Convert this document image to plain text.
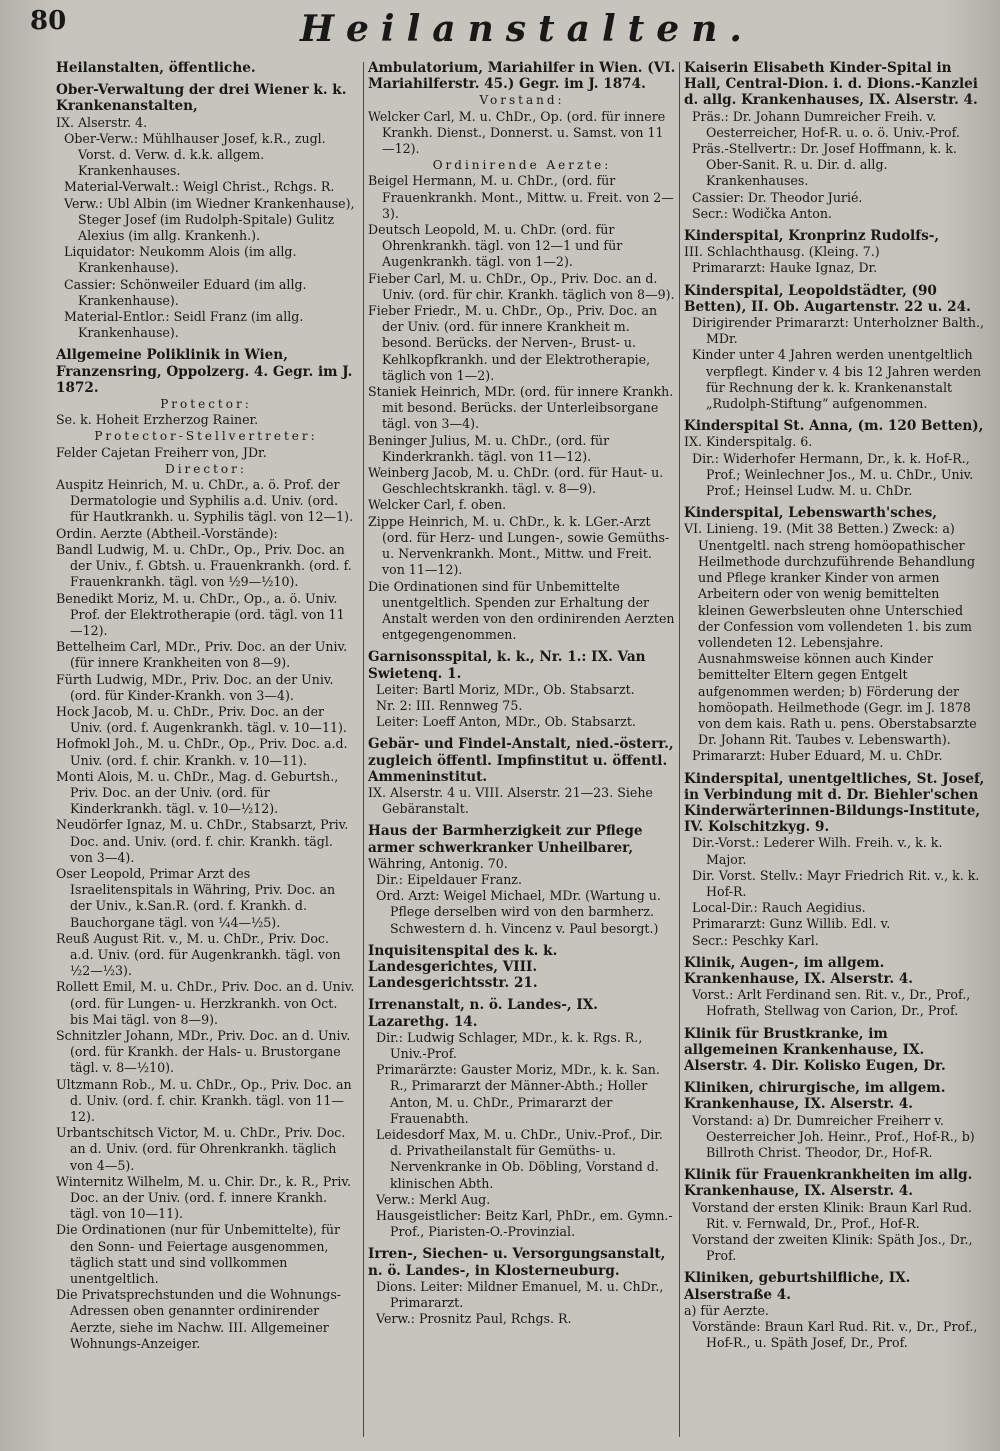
80	Heilanstalten.
Heilanstalten, öffentliche.
Ober-Verwaltung der drei Wiener k. k. Krankenanstalten,
IX. Alserstr. 4.
Ober-Verw.: Mühlhauser Josef, k.R., zugl. Vorst. d. Verw. d. k.k. allgem. Krankenhauses.
Material-Verwalt.: Weigl Christ., Rchgs. R.
Verw.: Ubl Albin (im Wiedner Krankenhause), Steger Josef (im Rudolph-Spitale) Gulitz Alexius (im allg. Krankenh.).
Liquidator: Neukomm Alois (im allg. Krankenhause).
Cassier: Schönweiler Eduard (im allg. Krankenhause).
Material-Entlor.: Seidl Franz (im allg. Krankenhause).
Allgemeine Poliklinik in Wien, Franzensring, Oppolzerg. 4. Gegr. im J. 1872.
Protector:
Se. k. Hoheit Erzherzog Rainer.
Protector-Stellvertreter:
Felder Cajetan Freiherr von, JDr.
Director:
Auspitz Heinrich, M. u. ChDr., a. ö. Prof. der Dermatologie und Syphilis a.d. Univ. (ord. für Hautkrankh. u. Syphilis tägl. von 12—1).
Ordin. Aerzte (Abtheil.-Vorstände):
Bandl Ludwig, M. u. ChDr., Op., Priv. Doc. an der Univ., f. Gbtsh. u. Frauenkrankh. (ord. f. Frauenkrankh. tägl. von ½9—½10).
Benedikt Moriz, M. u. ChDr., Op., a. ö. Univ. Prof. der Elektrotherapie (ord. tägl. von 11—12).
Bettelheim Carl, MDr., Priv. Doc. an der Univ. (für innere Krankheiten von 8—9).
Fürth Ludwig, MDr., Priv. Doc. an der Univ. (ord. für Kinder-Krankh. von 3—4).
Hock Jacob, M. u. ChDr., Priv. Doc. an der Univ. (ord. f. Augenkrankh. tägl. v. 10—11).
Hofmokl Joh., M. u. ChDr., Op., Priv. Doc. a.d. Univ. (ord. f. chir. Krankh. v. 10—11).
Monti Alois, M. u. ChDr., Mag. d. Geburtsh., Priv. Doc. an der Univ. (ord. für Kinderkrankh. tägl. v. 10—½12).
Neudörfer Ignaz, M. u. ChDr., Stabsarzt, Priv. Doc. and. Univ. (ord. f. chir. Krankh. tägl. von 3—4).
Oser Leopold, Primar Arzt des Israelitenspitals in Währing, Priv. Doc. an der Univ., k.San.R. (ord. f. Krankh. d. Bauchorgane tägl. von ¼4—½5).
Reuß August Rit. v., M. u. ChDr., Priv. Doc. a.d. Univ. (ord. für Augenkrankh. tägl. von ½2—½3).
Rollett Emil, M. u. ChDr., Priv. Doc. an d. Univ. (ord. für Lungen- u. Herzkrankh. von Oct. bis Mai tägl. von 8—9).
Schnitzler Johann, MDr., Priv. Doc. an d. Univ. (ord. für Krankh. der Hals- u. Brustorgane tägl. v. 8—½10).
Ultzmann Rob., M. u. ChDr., Op., Priv. Doc. an d. Univ. (ord. f. chir. Krankh. tägl. von 11—12).
Urbantschitsch Victor, M. u. ChDr., Priv. Doc. an d. Univ. (ord. für Ohrenkrankh. täglich von 4—5).
Winternitz Wilhelm, M. u. Chir. Dr., k. R., Priv. Doc. an der Univ. (ord. f. innere Krankh. tägl. von 10—11).
Die Ordinationen (nur für Unbemittelte), für den Sonn- und Feiertage ausgenommen, täglich statt und sind vollkommen unentgeltlich.
Die Privatsprechstunden und die Wohnungs-Adressen oben genannter ordinirender Aerzte, siehe im Nachw. III. Allgemeiner Wohnungs-Anzeiger.
Ambulatorium, Mariahilfer in Wien. (VI. Mariahilferstr. 45.) Gegr. im J. 1874.
Vorstand:
Welcker Carl, M. u. ChDr., Op. (ord. für innere Krankh. Dienst., Donnerst. u. Samst. von 11—12).
Ordinirende Aerzte:
Beigel Hermann, M. u. ChDr., (ord. für Frauenkrankh. Mont., Mittw. u. Freit. von 2—3).
Deutsch Leopold, M. u. ChDr. (ord. für Ohrenkrankh. tägl. von 12—1 und für Augenkrankh. tägl. von 1—2).
Fieber Carl, M. u. ChDr., Op., Priv. Doc. an d. Univ. (ord. für chir. Krankh. täglich von 8—9).
Fieber Friedr., M. u. ChDr., Op., Priv. Doc. an der Univ. (ord. für innere Krankheit m. besond. Berücks. der Nerven-, Brust- u. Kehlkopfkrankh. und der Elektrotherapie, täglich von 1—2).
Staniek Heinrich, MDr. (ord. für innere Krankh. mit besond. Berücks. der Unterleibsorgane tägl. von 3—4).
Beninger Julius, M. u. ChDr., (ord. für Kinderkrankh. tägl. von 11—12).
Weinberg Jacob, M. u. ChDr. (ord. für Haut- u. Geschlechtskrankh. tägl. v. 8—9).
Welcker Carl, f. oben.
Zippe Heinrich, M. u. ChDr., k. k. LGer.-Arzt (ord. für Herz- und Lungen-, sowie Gemüths- u. Nervenkrankh. Mont., Mittw. und Freit. von 11—12).
Die Ordinationen sind für Unbemittelte unentgeltlich. Spenden zur Erhaltung der Anstalt werden von den ordinirenden Aerzten entgegengenommen.
Garnisonsspital, k. k., Nr. 1.: IX. Van Swietenq. 1.
Leiter: Bartl Moriz, MDr., Ob. Stabsarzt.
Nr. 2: III. Rennweg 75.
Leiter: Loeff Anton, MDr., Ob. Stabsarzt.
Gebär- und Findel-Anstalt, nied.-österr., zugleich öffentl. Impfinstitut u. öffentl. Ammeninstitut.
IX. Alserstr. 4 u. VIII. Alserstr. 21—23. Siehe Gebäranstalt.
Haus der Barmherzigkeit zur Pflege armer schwerkranker Unheilbarer,
Währing, Antonig. 70.
Dir.: Eipeldauer Franz.
Ord. Arzt: Weigel Michael, MDr. (Wartung u. Pflege derselben wird von den barmherz. Schwestern d. h. Vincenz v. Paul besorgt.)
Inquisitenspital des k. k. Landesgerichtes, VIII. Landesgerichtsstr. 21.
Irrenanstalt, n. ö. Landes-, IX. Lazarethg. 14.
Dir.: Ludwig Schlager, MDr., k. k. Rgs. R., Univ.-Prof.
Primarärzte: Gauster Moriz, MDr., k. k. San. R., Primararzt der Männer-Abth.; Holler Anton, M. u. ChDr., Primararzt der Frauenabth.
Leidesdorf Max, M. u. ChDr., Univ.-Prof., Dir. d. Privatheilanstalt für Gemüths- u. Nervenkranke in Ob. Döbling, Vorstand d. klinischen Abth.
Verw.: Merkl Aug.
Hausgeistlicher: Beitz Karl, PhDr., em. Gymn.-Prof., Piaristen-O.-Provinzial.
Irren-, Siechen- u. Versorgungsanstalt, n. ö. Landes-, in Klosterneuburg.
Dions. Leiter: Mildner Emanuel, M. u. ChDr., Primararzt.
Verw.: Prosnitz Paul, Rchgs. R.
Kaiserin Elisabeth Kinder-Spital in Hall, Central-Dion. i. d. Dions.-Kanzlei d. allg. Krankenhauses, IX. Alserstr. 4.
Präs.: Dr. Johann Dumreicher Freih. v. Oesterreicher, Hof-R. u. o. ö. Univ.-Prof.
Präs.-Stellvertr.: Dr. Josef Hoffmann, k. k. Ober-Sanit. R. u. Dir. d. allg. Krankenhauses.
Cassier: Dr. Theodor Jurié.
Secr.: Wodička Anton.
Kinderspital, Kronprinz Rudolfs-,
III. Schlachthausg. (Kleing. 7.)
Primararzt: Hauke Ignaz, Dr.
Kinderspital, Leopoldstädter, (90 Betten), II. Ob. Augartenstr. 22 u. 24.
Dirigirender Primararzt: Unterholzner Balth., MDr.
Kinder unter 4 Jahren werden unentgeltlich verpflegt. Kinder v. 4 bis 12 Jahren werden für Rechnung der k. k. Krankenanstalt „Rudolph-Stiftung“ aufgenommen.
Kinderspital St. Anna, (m. 120 Betten),
IX. Kinderspitalg. 6.
Dir.: Widerhofer Hermann, Dr., k. k. Hof-R., Prof.; Weinlechner Jos., M. u. ChDr., Univ. Prof.; Heinsel Ludw. M. u. ChDr.
Kinderspital, Lebenswarth'sches,
VI. Linieng. 19. (Mit 38 Betten.) Zweck: a) Unentgeltl. nach streng homöopathischer Heilmethode durchzuführende Behandlung und Pflege kranker Kinder von armen Arbeitern oder von wenig bemittelten kleinen Gewerbsleuten ohne Unterschied der Confession vom vollendeten 1. bis zum vollendeten 12. Lebensjahre. Ausnahmsweise können auch Kinder bemittelter Eltern gegen Entgelt aufgenommen werden; b) Förderung der homöopath. Heilmethode (Gegr. im J. 1878 von dem kais. Rath u. pens. Oberstabsarzte Dr. Johann Rit. Taubes v. Lebenswarth).
Primararzt: Huber Eduard, M. u. ChDr.
Kinderspital, unentgeltliches, St. Josef, in Verbindung mit d. Dr. Biehler'schen Kinderwärterinnen-Bildungs-Institute, IV. Kolschitzkyg. 9.
Dir.-Vorst.: Lederer Wilh. Freih. v., k. k. Major.
Dir. Vorst. Stellv.: Mayr Friedrich Rit. v., k. k. Hof-R.
Local-Dir.: Rauch Aegidius.
Primararzt: Gunz Willib. Edl. v.
Secr.: Peschky Karl.
Klinik, Augen-, im allgem. Krankenhause, IX. Alserstr. 4.
Vorst.: Arlt Ferdinand sen. Rit. v., Dr., Prof., Hofrath, Stellwag von Carion, Dr., Prof.
Klinik für Brustkranke, im allgemeinen Krankenhause, IX. Alserstr. 4. Dir. Kolisko Eugen, Dr.
Kliniken, chirurgische, im allgem. Krankenhause, IX. Alserstr. 4.
Vorstand: a) Dr. Dumreicher Freiherr v. Oesterreicher Joh. Heinr., Prof., Hof-R., b) Billroth Christ. Theodor, Dr., Hof-R.
Klinik für Frauenkrankheiten im allg. Krankenhause, IX. Alserstr. 4.
Vorstand der ersten Klinik: Braun Karl Rud. Rit. v. Fernwald, Dr., Prof., Hof-R.
Vorstand der zweiten Klinik: Späth Jos., Dr., Prof.
Kliniken, geburtshilfliche, IX. Alserstraße 4.
a) für Aerzte.
Vorstände: Braun Karl Rud. Rit. v., Dr., Prof., Hof-R., u. Späth Josef, Dr., Prof.
